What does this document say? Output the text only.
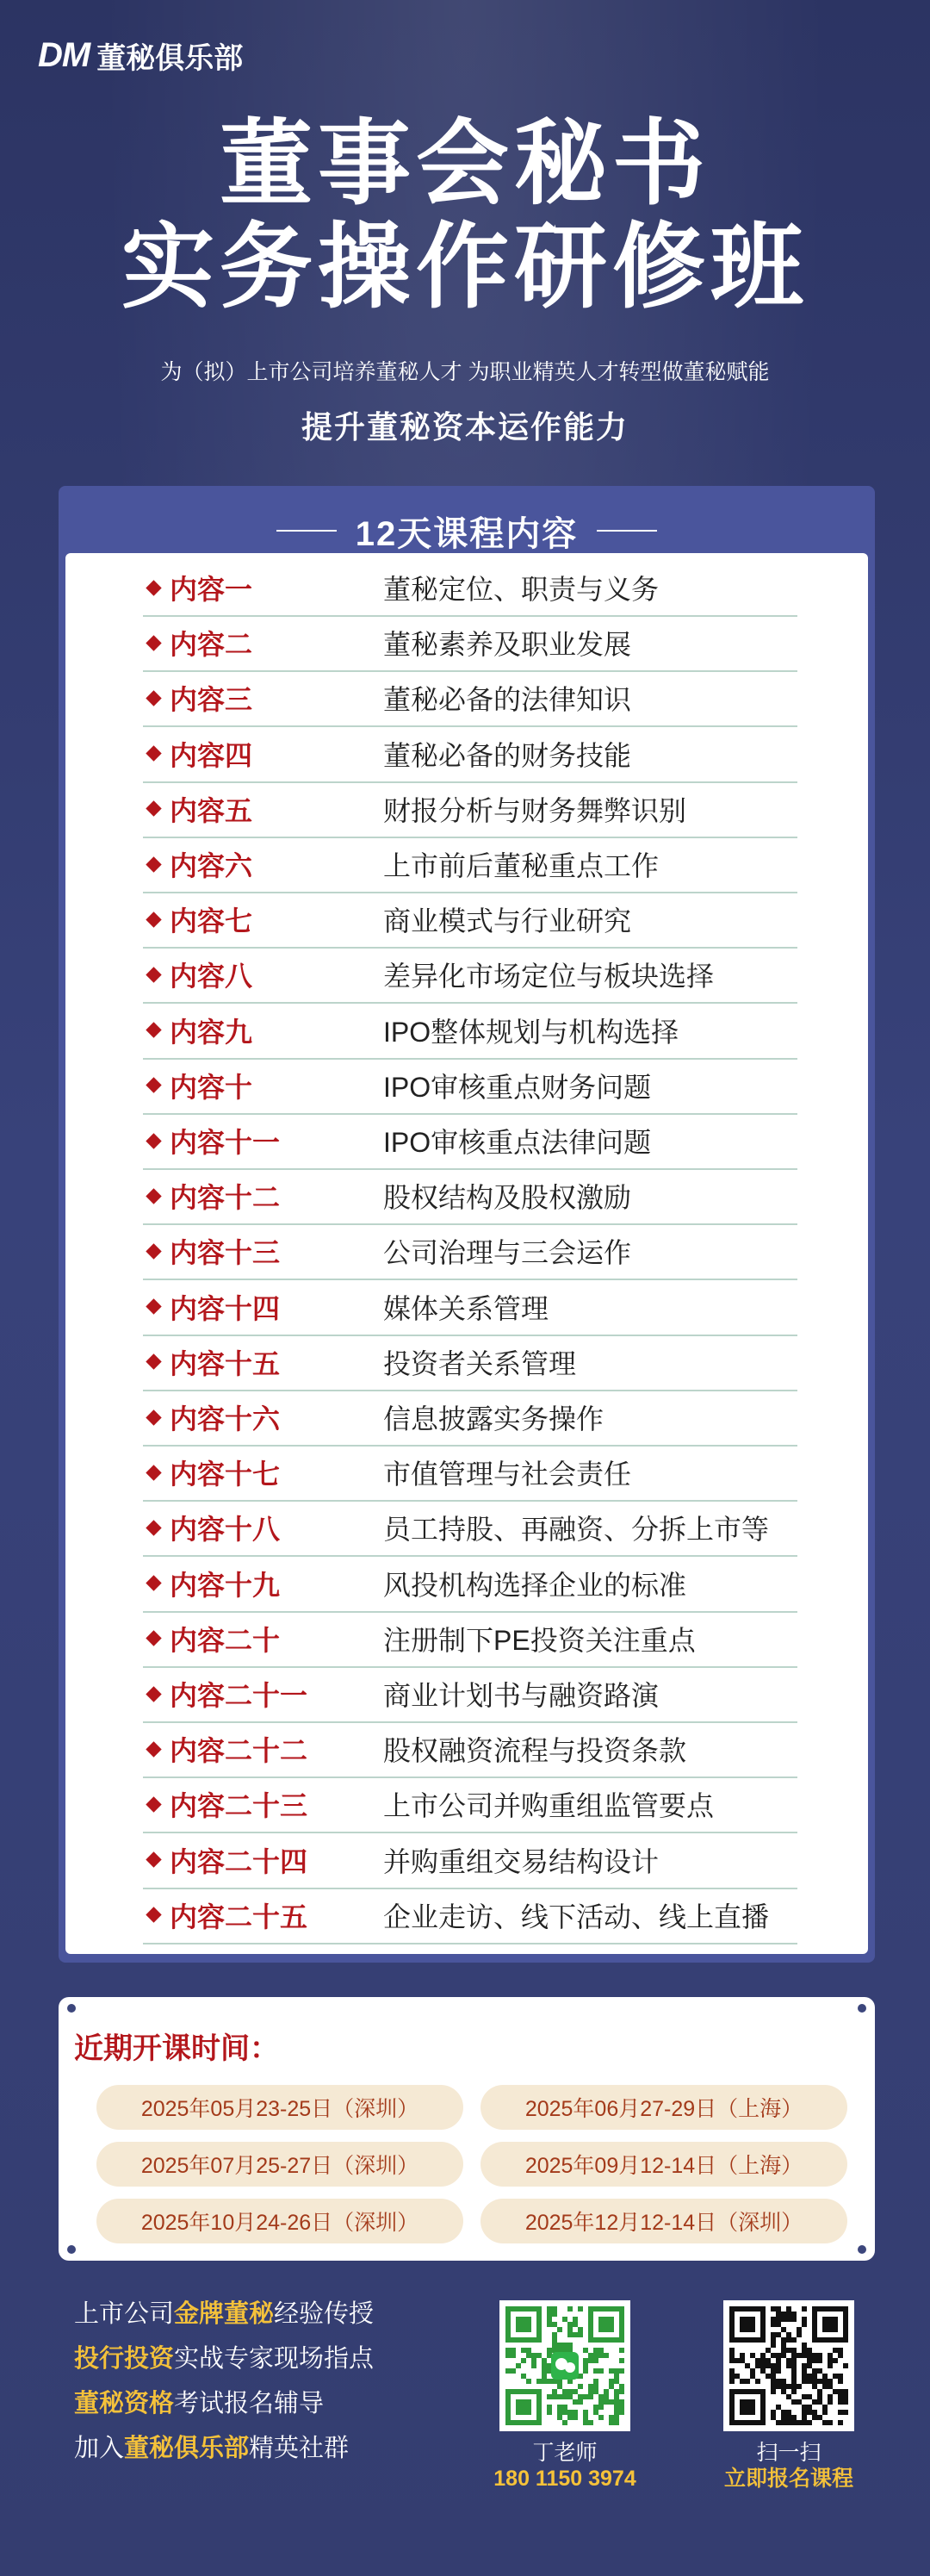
DM 董秘俱乐部
董事会秘书
实务操作研修班
为（拟）上市公司培养董秘人才 为职业精英人才转型做董秘赋能
提升董秘资本运作能力
12天课程内容
内容一	董秘定位、职责与义务
内容二	董秘素养及职业发展
内容三	董秘必备的法律知识
内容四	董秘必备的财务技能
内容五	财报分析与财务舞弊识别
内容六	上市前后董秘重点工作
内容七	商业模式与行业研究
内容八	差异化市场定位与板块选择
内容九	IPO整体规划与机构选择
内容十	IPO审核重点财务问题
内容十一	IPO审核重点法律问题
内容十二	股权结构及股权激励
内容十三	公司治理与三会运作
内容十四	媒体关系管理
内容十五	投资者关系管理
内容十六	信息披露实务操作
内容十七	市值管理与社会责任
内容十八	员工持股、再融资、分拆上市等
内容十九	风投机构选择企业的标准
内容二十	注册制下PE投资关注重点
内容二十一	商业计划书与融资路演
内容二十二	股权融资流程与投资条款
内容二十三	上市公司并购重组监管要点
内容二十四	并购重组交易结构设计
内容二十五	企业走访、线下活动、线上直播
近期开课时间：
2025年05月23-25日（深圳）	2025年06月27-29日（上海）
2025年07月25-27日（深圳）	2025年09月12-14日（上海）
2025年10月24-26日（深圳）	2025年12月12-14日（深圳）
上市公司金牌董秘经验传授
投行投资实战专家现场指点
董秘资格考试报名辅导
加入董秘俱乐部精英社群	丁老师
180 1150 3974
扫一扫
立即报名课程
